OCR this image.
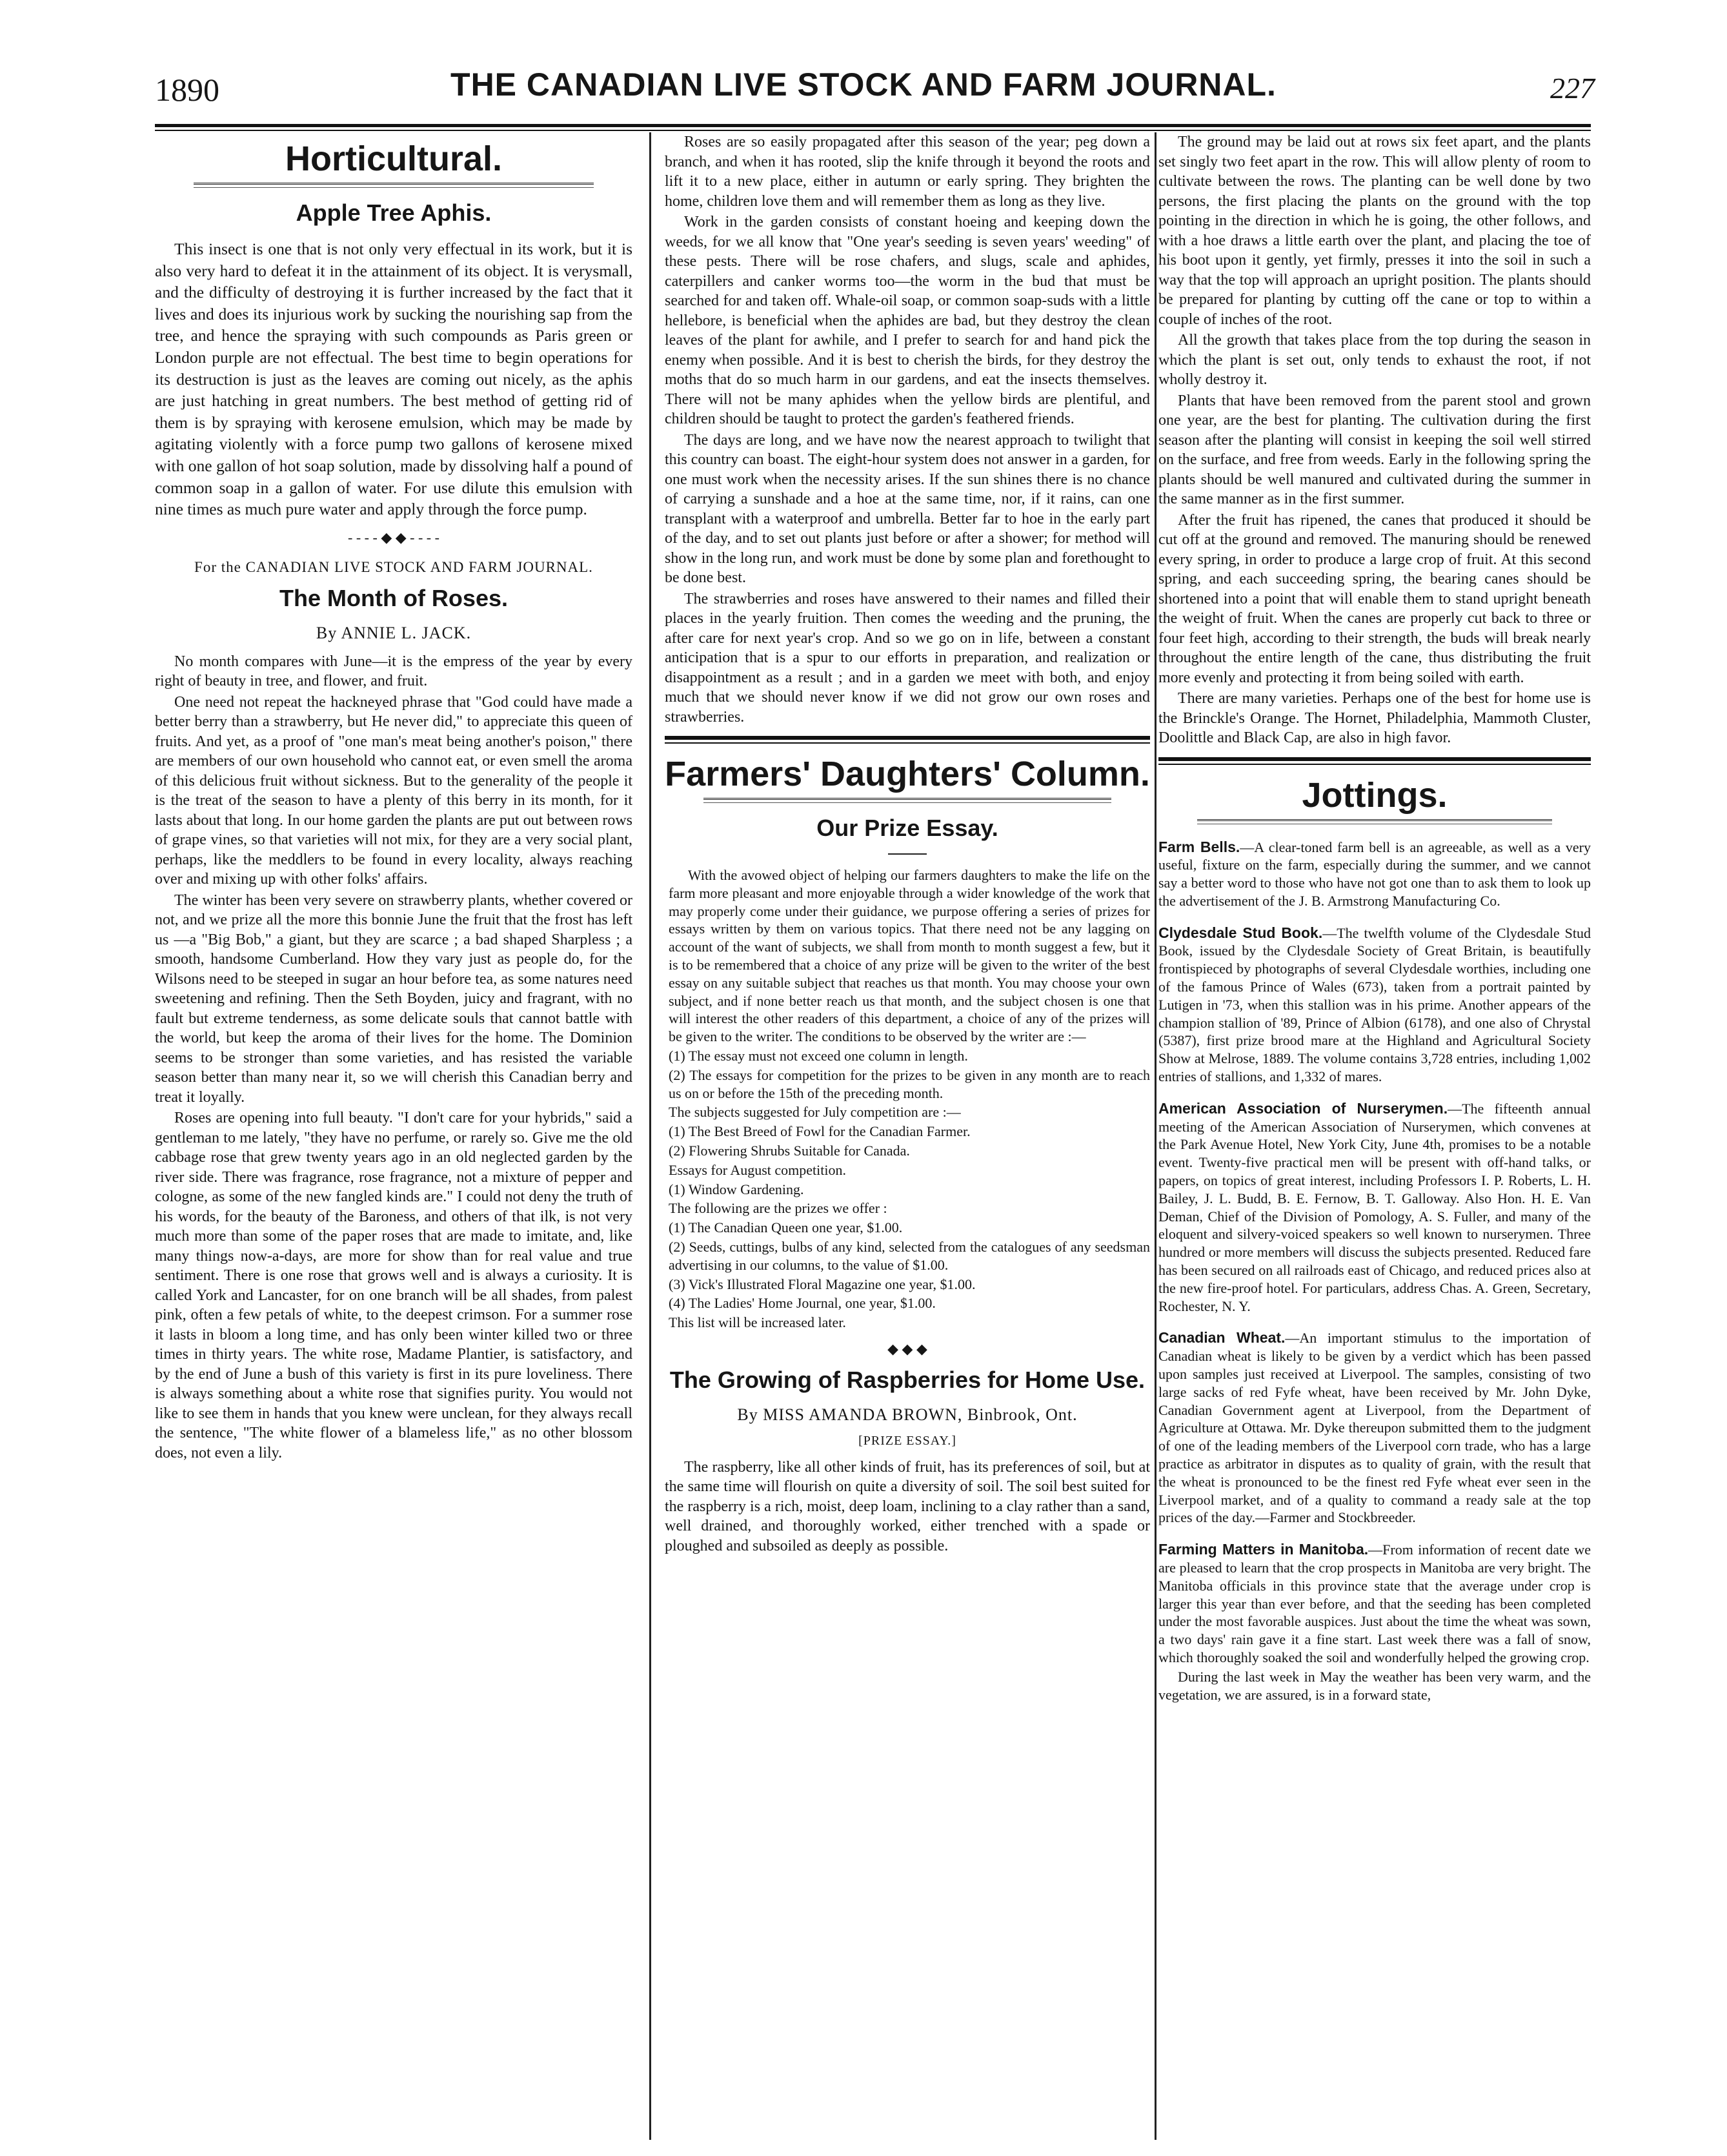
1890	THE CANADIAN LIVE STOCK AND FARM JOURNAL.	227
Horticultural.
Apple Tree Aphis.

This insect is one that is not only very effectual in its work, but it is also very hard to defeat it in the attainment of its object. It is verysmall, and the difficulty of destroying it is further increased by the fact that it lives and does its injurious work by sucking the nourishing sap from the tree, and hence the spraying with such compounds as Paris green or London purple are not effectual. The best time to begin operations for its destruction is just as the leaves are coming out nicely, as the aphis are just hatching in great numbers. The best method of getting rid of them is by spraying with kerosene emulsion, which may be made by agitating violently with a force pump two gallons of kerosene mixed with one gallon of hot soap solution, made by dissolving half a pound of common soap in a gallon of water. For use dilute this emulsion with nine times as much pure water and apply through the force pump.

- - - - ◆ ◆ - - - -
For the CANADIAN LIVE STOCK AND FARM JOURNAL.
The Month of Roses.
By ANNIE L. JACK.

No month compares with June—it is the empress of the year by every right of beauty in tree, and flower, and fruit.

One need not repeat the hackneyed phrase that "God could have made a better berry than a strawberry, but He never did," to appreciate this queen of fruits. And yet, as a proof of "one man's meat being another's poison," there are members of our own household who cannot eat, or even smell the aroma of this delicious fruit without sickness. But to the generality of the people it is the treat of the season to have a plenty of this berry in its month, for it lasts about that long. In our home garden the plants are put out between rows of grape vines, so that varieties will not mix, for they are a very social plant, perhaps, like the meddlers to be found in every locality, always reaching over and mixing up with other folks' affairs.

The winter has been very severe on strawberry plants, whether covered or not, and we prize all the more this bonnie June the fruit that the frost has left us —a "Big Bob," a giant, but they are scarce ; a bad shaped Sharpless ; a smooth, handsome Cumberland. How they vary just as people do, for the Wilsons need to be steeped in sugar an hour before tea, as some natures need sweetening and refining. Then the Seth Boyden, juicy and fragrant, with no fault but extreme tenderness, as some delicate souls that cannot battle with the world, but keep the aroma of their lives for the home. The Dominion seems to be stronger than some varieties, and has resisted the variable season better than many near it, so we will cherish this Canadian berry and treat it loyally.

Roses are opening into full beauty. "I don't care for your hybrids," said a gentleman to me lately, "they have no perfume, or rarely so. Give me the old cabbage rose that grew twenty years ago in an old neglected garden by the river side. There was fragrance, rose fragrance, not a mixture of pepper and cologne, as some of the new fangled kinds are." I could not deny the truth of his words, for the beauty of the Baroness, and others of that ilk, is not very much more than some of the paper roses that are made to imitate, and, like many things now-a-days, are more for show than for real value and true sentiment. There is one rose that grows well and is always a curiosity. It is called York and Lancaster, for on one branch will be all shades, from palest pink, often a few petals of white, to the deepest crimson. For a summer rose it lasts in bloom a long time, and has only been winter killed two or three times in thirty years. The white rose, Madame Plantier, is satisfactory, and by the end of June a bush of this variety is first in its pure loveliness. There is always something about a white rose that signifies purity. You would not like to see them in hands that you knew were unclean, for they always recall the sentence, "The white flower of a blameless life," as no other blossom does, not even a lily.

Roses are so easily propagated after this season of the year; peg down a branch, and when it has rooted, slip the knife through it beyond the roots and lift it to a new place, either in autumn or early spring. They brighten the home, children love them and will remember them as long as they live.

Work in the garden consists of constant hoeing and keeping down the weeds, for we all know that "One year's seeding is seven years' weeding" of these pests. There will be rose chafers, and slugs, scale and aphides, caterpillers and canker worms too—the worm in the bud that must be searched for and taken off. Whale-oil soap, or common soap-suds with a little hellebore, is beneficial when the aphides are bad, but they destroy the clean leaves of the plant for awhile, and I prefer to search for and hand pick the enemy when possible. And it is best to cherish the birds, for they destroy the moths that do so much harm in our gardens, and eat the insects themselves. There will not be many aphides when the yellow birds are plentiful, and children should be taught to protect the garden's feathered friends.

The days are long, and we have now the nearest approach to twilight that this country can boast. The eight-hour system does not answer in a garden, for one must work when the necessity arises. If the sun shines there is no chance of carrying a sunshade and a hoe at the same time, nor, if it rains, can one transplant with a waterproof and umbrella. Better far to hoe in the early part of the day, and to set out plants just before or after a shower; for method will show in the long run, and work must be done by some plan and forethought to be done best.

The strawberries and roses have answered to their names and filled their places in the yearly fruition. Then comes the weeding and the pruning, the after care for next year's crop. And so we go on in life, between a constant anticipation that is a spur to our efforts in preparation, and realization or disappointment as a result ; and in a garden we meet with both, and enjoy much that we should never know if we did not grow our own roses and strawberries.

Farmers' Daughters' Column.
Our Prize Essay.

With the avowed object of helping our farmers daughters to make the life on the farm more pleasant and more enjoyable through a wider knowledge of the work that may properly come under their guidance, we purpose offering a series of prizes for essays written by them on various topics. That there need not be any lagging on account of the want of subjects, we shall from month to month suggest a few, but it is to be remembered that a choice of any prize will be given to the writer of the best essay on any suitable subject that reaches us that month. You may choose your own subject, and if none better reach us that month, and the subject chosen is one that will interest the other readers of this department, a choice of any of the prizes will be given to the writer. The conditions to be observed by the writer are :—

(1) The essay must not exceed one column in length.

(2) The essays for competition for the prizes to be given in any month are to reach us on or before the 15th of the preceding month.

The subjects suggested for July competition are :—

(1) The Best Breed of Fowl for the Canadian Farmer.

(2) Flowering Shrubs Suitable for Canada.

Essays for August competition.

(1) Window Gardening.

The following are the prizes we offer :

(1) The Canadian Queen one year, $1.00.

(2) Seeds, cuttings, bulbs of any kind, selected from the catalogues of any seedsman advertising in our columns, to the value of $1.00.

(3) Vick's Illustrated Floral Magazine one year, $1.00.

(4) The Ladies' Home Journal, one year, $1.00.

This list will be increased later.

◆ ◆ ◆
The Growing of Raspberries for Home Use.
By MISS AMANDA BROWN, Binbrook, Ont.
[PRIZE ESSAY.]

The raspberry, like all other kinds of fruit, has its preferences of soil, but at the same time will flourish on quite a diversity of soil. The soil best suited for the raspberry is a rich, moist, deep loam, inclining to a clay rather than a sand, well drained, and thoroughly worked, either trenched with a spade or ploughed and subsoiled as deeply as possible.

The ground may be laid out at rows six feet apart, and the plants set singly two feet apart in the row. This will allow plenty of room to cultivate between the rows. The planting can be well done by two persons, the first placing the plants on the ground with the top pointing in the direction in which he is going, the other follows, and with a hoe draws a little earth over the plant, and placing the toe of his boot upon it gently, yet firmly, presses it into the soil in such a way that the top will approach an upright position. The plants should be prepared for planting by cutting off the cane or top to within a couple of inches of the root.

All the growth that takes place from the top during the season in which the plant is set out, only tends to exhaust the root, if not wholly destroy it.

Plants that have been removed from the parent stool and grown one year, are the best for planting. The cultivation during the first season after the planting will consist in keeping the soil well stirred on the surface, and free from weeds. Early in the following spring the plants should be well manured and cultivated during the summer in the same manner as in the first summer.

After the fruit has ripened, the canes that produced it should be cut off at the ground and removed. The manuring should be renewed every spring, in order to produce a large crop of fruit. At this second spring, and each succeeding spring, the bearing canes should be shortened into a point that will enable them to stand upright beneath the weight of fruit. When the canes are properly cut back to three or four feet high, according to their strength, the buds will break nearly throughout the entire length of the cane, thus distributing the fruit more evenly and protecting it from being soiled with earth.

There are many varieties. Perhaps one of the best for home use is the Brinckle's Orange. The Hornet, Philadelphia, Mammoth Cluster, Doolittle and Black Cap, are also in high favor.

Jottings.

Farm Bells.—A clear-toned farm bell is an agreeable, as well as a very useful, fixture on the farm, especially during the summer, and we cannot say a better word to those who have not got one than to ask them to look up the advertisement of the J. B. Armstrong Manufacturing Co.

Clydesdale Stud Book.—The twelfth volume of the Clydesdale Stud Book, issued by the Clydesdale Society of Great Britain, is beautifully frontispieced by photographs of several Clydesdale worthies, including one of the famous Prince of Wales (673), taken from a portrait painted by Lutigen in '73, when this stallion was in his prime. Another appears of the champion stallion of '89, Prince of Albion (6178), and one also of Chrystal (5387), first prize brood mare at the Highland and Agricultural Society Show at Melrose, 1889. The volume contains 3,728 entries, including 1,002 entries of stallions, and 1,332 of mares.

American Association of Nurserymen.—The fifteenth annual meeting of the American Association of Nurserymen, which convenes at the Park Avenue Hotel, New York City, June 4th, promises to be a notable event. Twenty-five practical men will be present with off-hand talks, or papers, on topics of great interest, including Professors I. P. Roberts, L. H. Bailey, J. L. Budd, B. E. Fernow, B. T. Galloway. Also Hon. H. E. Van Deman, Chief of the Division of Pomology, A. S. Fuller, and many of the eloquent and silvery-voiced speakers so well known to nurserymen. Three hundred or more members will discuss the subjects presented. Reduced fare has been secured on all railroads east of Chicago, and reduced prices also at the new fire-proof hotel. For particulars, address Chas. A. Green, Secretary, Rochester, N. Y.

Canadian Wheat.—An important stimulus to the importation of Canadian wheat is likely to be given by a verdict which has been passed upon samples just received at Liverpool. The samples, consisting of two large sacks of red Fyfe wheat, have been received by Mr. John Dyke, Canadian Government agent at Liverpool, from the Department of Agriculture at Ottawa. Mr. Dyke thereupon submitted them to the judgment of one of the leading members of the Liverpool corn trade, who has a large practice as arbitrator in disputes as to quality of grain, with the result that the wheat is pronounced to be the finest red Fyfe wheat ever seen in the Liverpool market, and of a quality to command a ready sale at the top prices of the day.—Farmer and Stockbreeder.

Farming Matters in Manitoba.—From information of recent date we are pleased to learn that the crop prospects in Manitoba are very bright. The Manitoba officials in this province state that the average under crop is larger this year than ever before, and that the seeding has been completed under the most favorable auspices. Just about the time the wheat was sown, a two days' rain gave it a fine start. Last week there was a fall of snow, which thoroughly soaked the soil and wonderfully helped the growing crop.

During the last week in May the weather has been very warm, and the vegetation, we are assured, is in a forward state,
